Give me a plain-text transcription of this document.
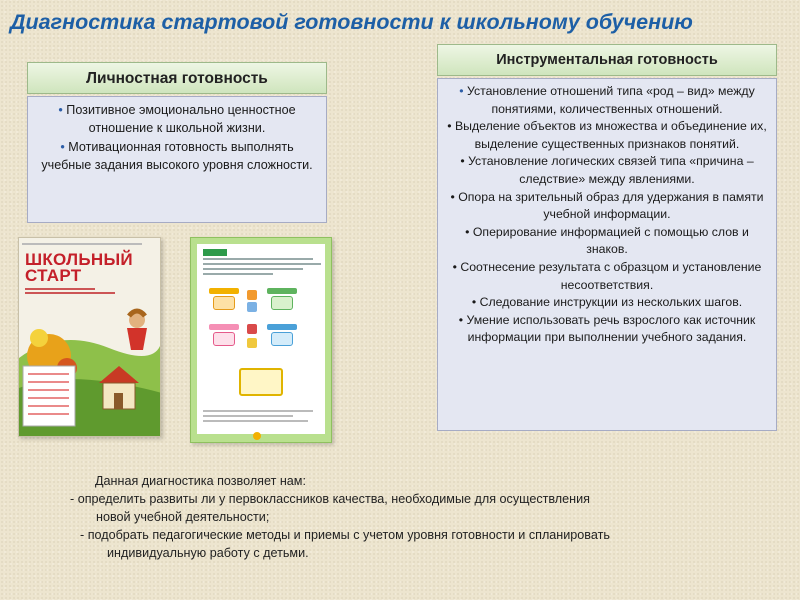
Диагностика стартовой готовности к школьному обучению
Личностная готовность
• Позитивное эмоционально ценностное отношение к школьной жизни.
• Мотивационная готовность выполнять учебные задания высокого уровня сложности.
Инструментальная готовность
• Установление отношений типа «род – вид» между понятиями, количественных отношений.
• Выделение объектов из множества и объединение их, выделение существенных признаков понятий.
• Установление логических связей типа «причина – следствие» между явлениями.
• Опора на зрительный образ для удержания в памяти учебной информации.
• Оперирование информацией с помощью слов и знаков.
• Соотнесение результата с образцом и установление несоответствия.
• Следование инструкции из нескольких шагов.
• Умение использовать речь взрослого как источник информации при выполнении учебного задания.
ШКОЛЬНЫЙ
СТАРТ
Данная диагностика позволяет нам:
- определить развиты ли у первоклассников качества, необходимые для осуществления
новой учебной деятельности;
- подобрать педагогические методы и приемы с учетом уровня готовности и спланировать
индивидуальную работу с детьми.
